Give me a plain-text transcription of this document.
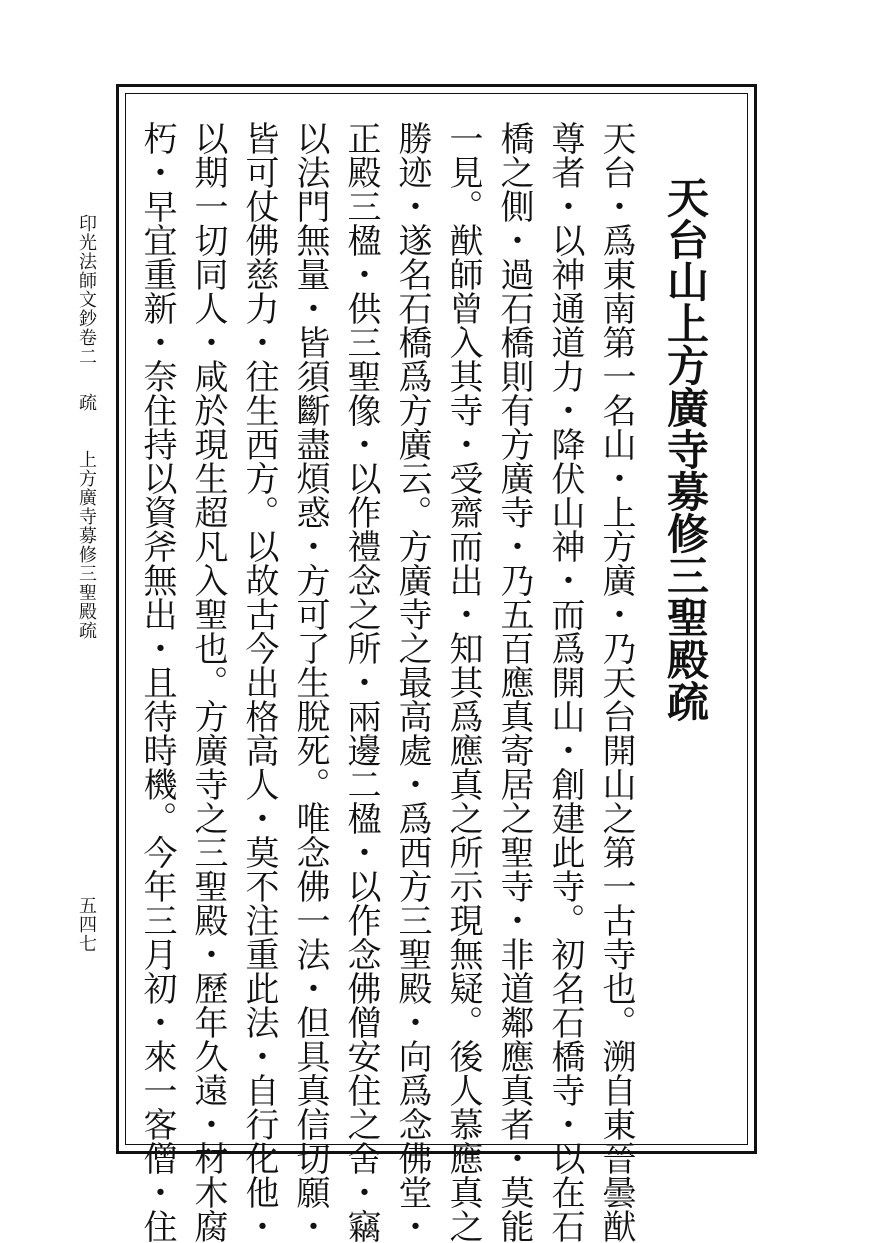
天台山上方廣寺募修三聖殿疏
天台・爲東南第一名山・上方廣・乃天台開山之第一古寺也。溯自東晉曇猷
尊者・以神通道力・降伏山神・而爲開山・創建此寺。初名石橋寺・以在石
橋之側・過石橋則有方廣寺・乃五百應真寄居之聖寺・非道鄰應真者・莫能
一見。猷師曾入其寺・受齋而出・知其爲應真之所示現無疑。後人慕應真之
勝迹・遂名石橋爲方廣云。方廣寺之最高處・爲西方三聖殿・向爲念佛堂・
正殿三楹・供三聖像・以作禮念之所・兩邊二楹・以作念佛僧安住之舍・竊
以法門無量・皆須斷盡煩惑・方可了生脫死。唯念佛一法・但具真信切願・
皆可仗佛慈力・往生西方。以故古今出格高人・莫不注重此法・自行化他・
以期一切同人・咸於現生超凡入聖也。方廣寺之三聖殿・歷年久遠・材木腐
朽・早宜重新・奈住持以資斧無出・且待時機。今年三月初・來一客僧・住
印光法師文鈔卷二
疏
上方廣寺募修三聖殿疏
五四七
